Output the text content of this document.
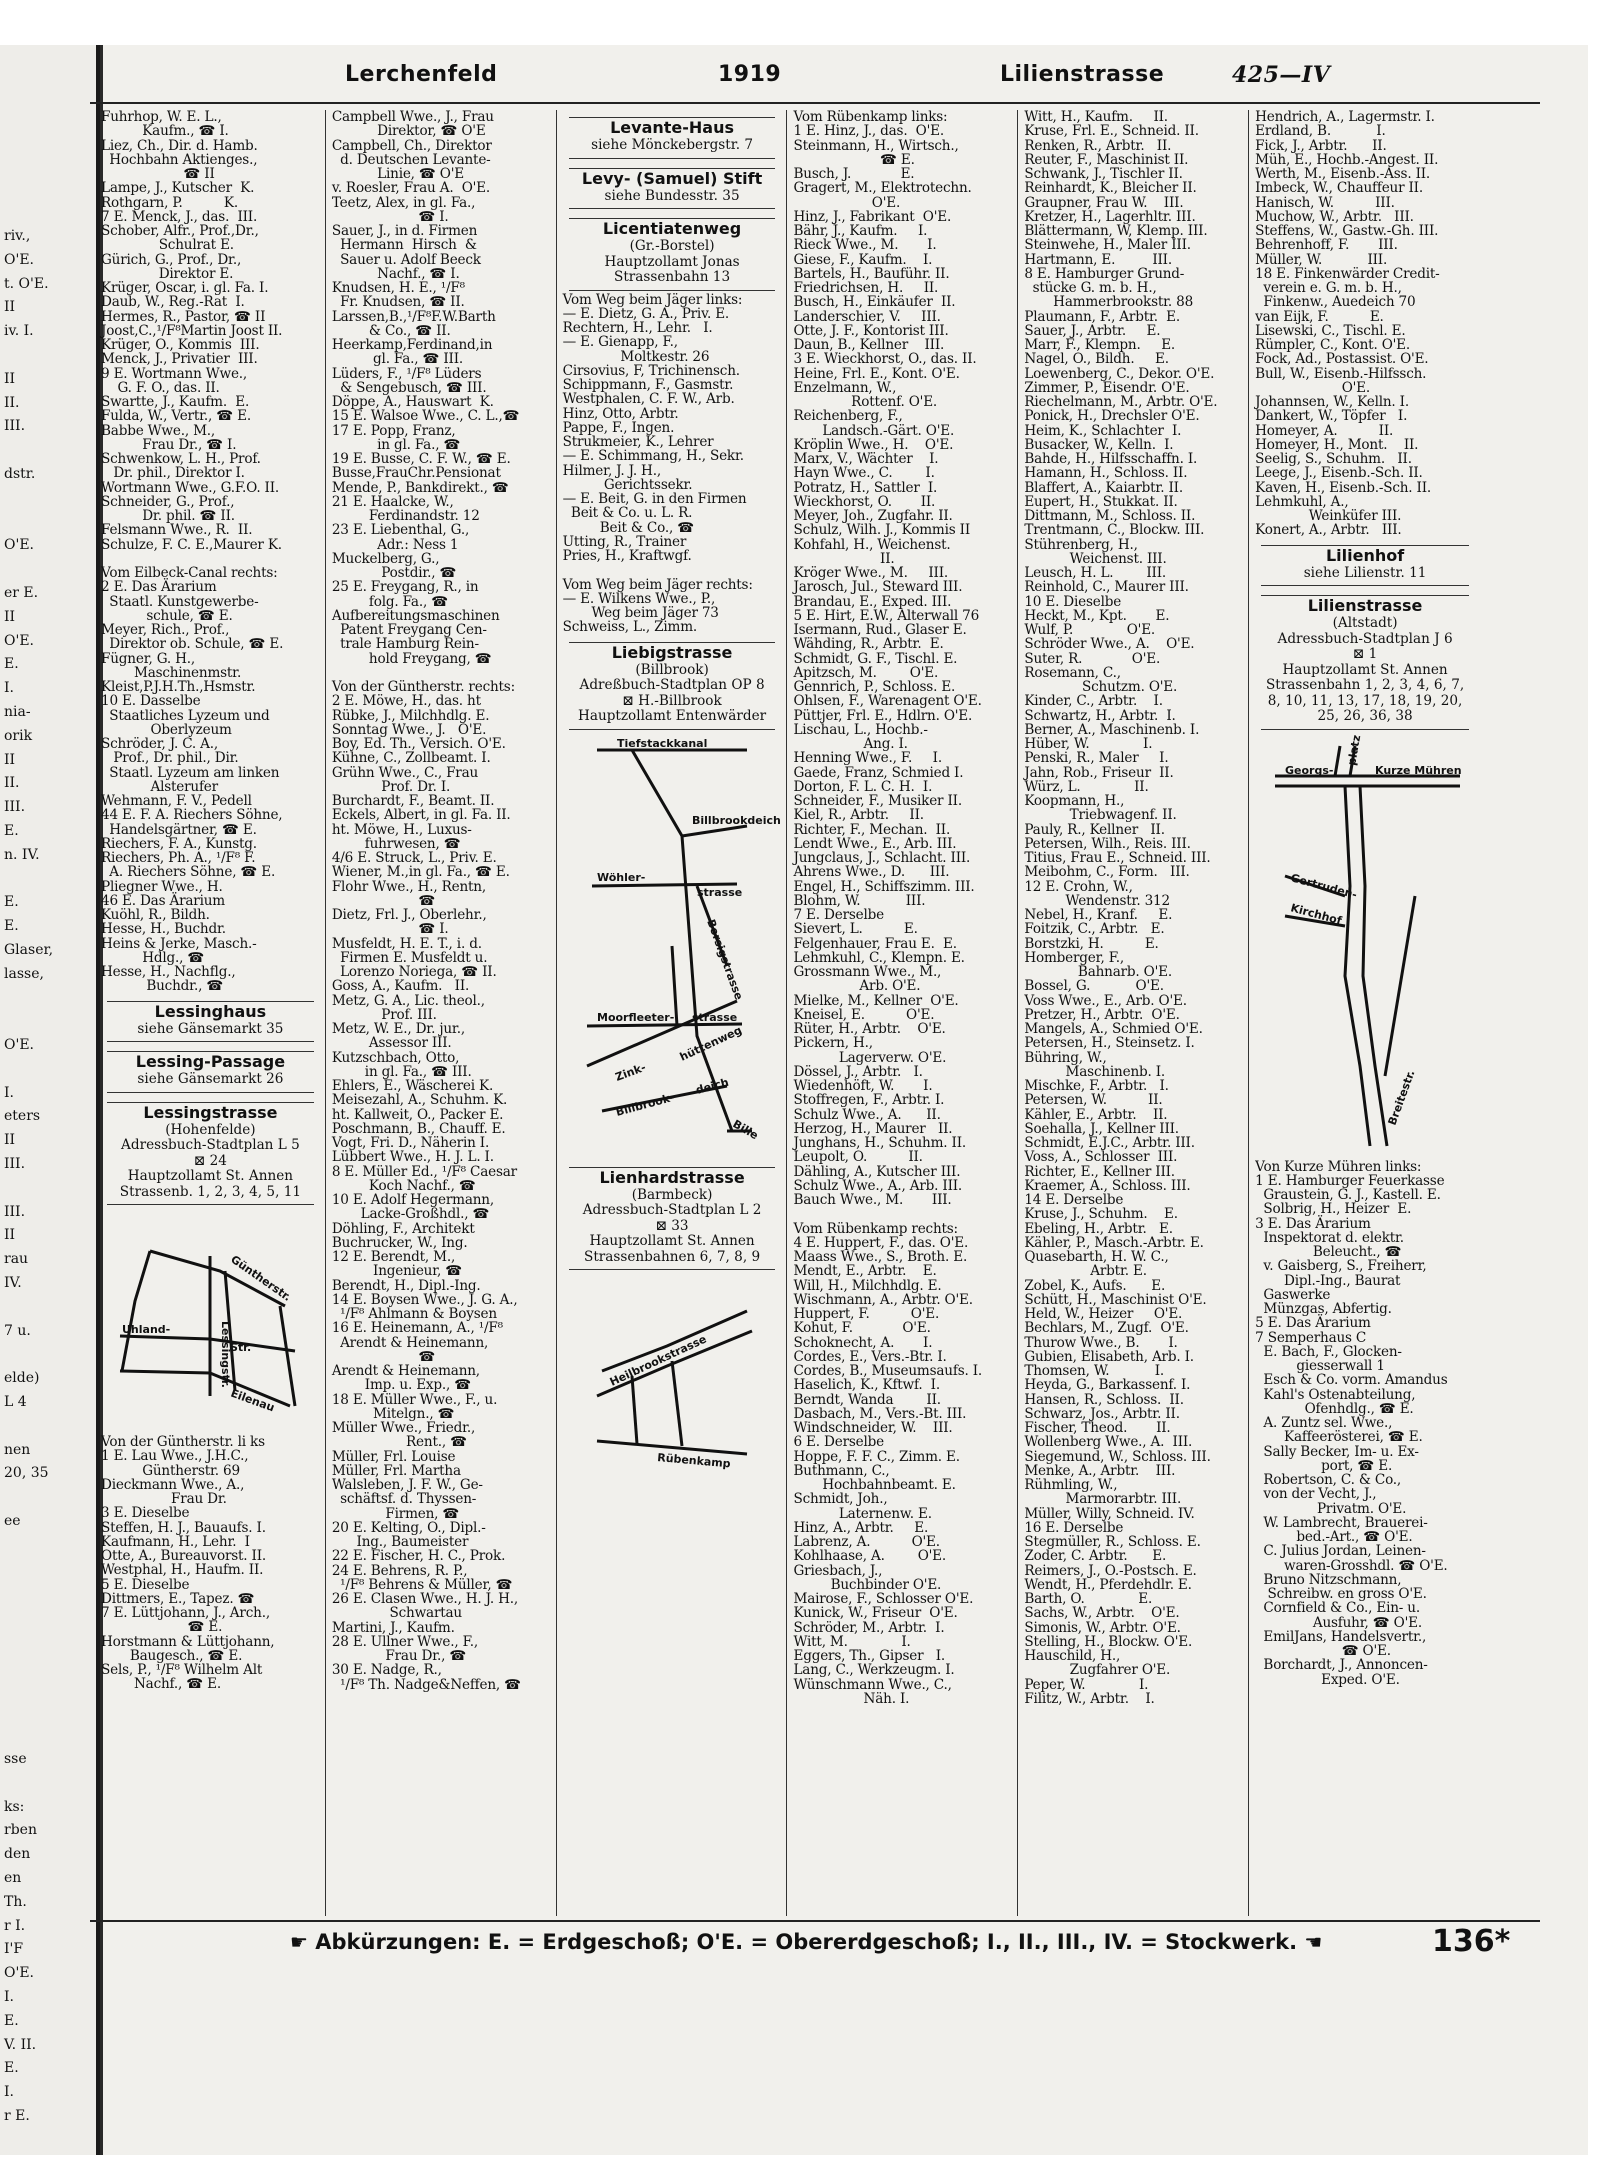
riv.,
O'E.
t. O'E.
II
iv. I.
II
II.
III.
dstr.
O'E.
er E.
II
O'E.
E.
I.
nia-
orik
II
II.
III.
E.
n. IV.
E.
E.
Glaser,
lasse,
O'E.
I.
eters
II
III.
III.
II
rau
IV.
7 u.
elde)
L 4
nen
20, 35
ee
sse
ks:
rben
den
en
Th.
r I.
I'F
O'E.
I.
E.
V. II.
E.
I.
r E.
Lerchenfeld	1919	Lilienstrasse	425—IV
Fuhrhop, W. E. L.,
Kaufm., ☎ I.
Liez, Ch., Dir. d. Hamb.
Hochbahn Aktienges.,
☎ II
Lampe, J., Kutscher  K.
Rothgarn, P.          K.
7 E. Menck, J., das.  III.
Schober, Alfr., Prof.,Dr.,
Schulrat E.
Gürich, G., Prof., Dr.,
Direktor E.
Krüger, Oscar, i. gl. Fa. I.
Daub, W., Reg.-Rat  I.
Hermes, R., Pastor, ☎ II
Joost,C.,¹/F⁸Martin Joost II.
Krüger, O., Kommis  III.
Menck, J., Privatier  III.
9 E. Wortmann Wwe.,
G. F. O., das. II.
Swartte, J., Kaufm.  E.
Fulda, W., Vertr., ☎ E.
Babbe Wwe., M.,
Frau Dr., ☎ I.
Schwenkow, L. H., Prof.
Dr. phil., Direktor I.
Wortmann Wwe., G.F.O. II.
Schneider, G., Prof.,
Dr. phil. ☎ II.
Felsmann Wwe., R.  II.
Schulze, F. C. E.,Maurer K.

Vom Eilbeck-Canal rechts:
2 E. Das Ärarium
Staatl. Kunstgewerbe-
schule, ☎ E.
Meyer, Rich., Prof.,
Direktor ob. Schule, ☎ E.
Fügner, G. H.,
Maschinenmstr.
Kleist,P.J.H.Th.,Hsmstr.
10 E. Dasselbe
Staatliches Lyzeum und
Oberlyzeum
Schröder, J. C. A.,
Prof., Dr. phil., Dir.
Staatl. Lyzeum am linken
Alsterufer
Wehmann, F. V., Pedell
44 E. F. A. Riechers Söhne,
Handelsgärtner, ☎ E.
Riechers, F. A., Kunstg.
Riechers, Ph. A., ¹/F⁸ F.
A. Riechers Söhne, ☎ E.
Pliegner Wwe., H.
46 E. Das Ärarium
Kuöhl, R., Bildh.
Hesse, H., Buchdr.
Heins & Jerke, Masch.-
Hdlg., ☎
Hesse, H., Nachflg.,
Buchdr., ☎
Lessinghaus
siehe Gänsemarkt 35
Lessing-Passage
siehe Gänsemarkt 26
Lessingstrasse
(Hohenfelde)
Adressbuch-Stadtplan L 5
⊠ 24
Hauptzollamt St. Annen
Strassenb. 1, 2, 3, 4, 5, 11
Güntherstr.
Uhland-
Str.
Eilenau
Lessingstr.
Von der Güntherstr. li ks
1 E. Lau Wwe., J.H.C.,
Güntherstr. 69
Dieckmann Wwe., A.,
Frau Dr.
3 E. Dieselbe
Steffen, H. J., Bauaufs. I.
Kaufmann, H., Lehr.  I
Otte, A., Bureauvorst. II.
Westphal, H., Haufm. II.
5 E. Dieselbe
Dittmers, E., Tapez. ☎
7 E. Lüttjohann, J., Arch.,
☎ E.
Horstmann & Lüttjohann,
Baugesch., ☎ E.
Sels, P., ¹/F⁸ Wilhelm Alt
Nachf., ☎ E.
Campbell Wwe., J., Frau
Direktor, ☎ O'E
Campbell, Ch., Direktor
d. Deutschen Levante-
Linie, ☎ O'E
v. Roesler, Frau A.  O'E.
Teetz, Alex, in gl. Fa.,
☎ I.
Sauer, J., in d. Firmen
Hermann  Hirsch  &
Sauer u. Adolf Beeck
Nachf., ☎ I.
Knudsen, H. E., ¹/F⁸
Fr. Knudsen, ☎ II.
Larssen,B.,¹/F⁸F.W.Barth
& Co., ☎ II.
Heerkamp,Ferdinand,in
gl. Fa., ☎ III.
Lüders, F., ¹/F⁸ Lüders
& Sengebusch, ☎ III.
Döppe, A., Hauswart  K.
15 E. Walsoe Wwe., C. L.,☎
17 E. Popp, Franz,
in gl. Fa., ☎
19 E. Busse, C. F. W., ☎ E.
Busse,FrauChr.Pensionat
Mende, P., Bankdirekt., ☎
21 E. Haalcke, W.,
Ferdinandstr. 12
23 E. Liebenthal, G.,
Adr.: Ness 1
Muckelberg, G.,
Postdir., ☎
25 E. Freygang, R., in
folg. Fa., ☎
Aufbereitungsmaschinen
Patent Freygang Cen-
trale Hamburg Rein-
hold Freygang, ☎

Von der Güntherstr. rechts:
2 E. Möwe, H., das. ht
Rübke, J., Milchhdlg. E.
Sonntag Wwe., J.   O'E.
Boy, Ed. Th., Versich. O'E.
Kühne, C., Zollbeamt. I.
Grühn Wwe., C., Frau
Prof. Dr. I.
Burchardt, F., Beamt. II.
Eckels, Albert, in gl. Fa. II.
ht. Möwe, H., Luxus-
fuhrwesen, ☎
4/6 E. Struck, L., Priv. E.
Wiener, M.,in gl. Fa., ☎ E.
Flohr Wwe., H., Rentn,
☎
Dietz, Frl. J., Oberlehr.,
☎ I.
Musfeldt, H. E. T., i. d.
Firmen E. Musfeldt u.
Lorenzo Noriega, ☎ II.
Goss, A., Kaufm.   II.
Metz, G. A., Lic. theol.,
Prof. III.
Metz, W. E., Dr. jur.,
Assessor III.
Kutzschbach, Otto,
in gl. Fa., ☎ III.
Ehlers, E., Wäscherei K.
Meisezahl, A., Schuhm. K.
ht. Kallweit, O., Packer E.
Poschmann, B., Chauff. E.
Vogt, Fri. D., Näherin I.
Lübbert Wwe., H. J. L. I.
8 E. Müller Ed., ¹/F⁸ Caesar
Koch Nachf., ☎
10 E. Adolf Hegermann,
Lacke-Großhdl., ☎
Döhling, F., Architekt
Buchrucker, W., Ing.
12 E. Berendt, M.,
Ingenieur, ☎
Berendt, H., Dipl.-Ing.
14 E. Boysen Wwe., J. G. A.,
¹/F⁸ Ahlmann & Boysen
16 E. Heinemann, A., ¹/F⁸
Arendt & Heinemann,
☎
Arendt & Heinemann,
Imp. u. Exp., ☎
18 E. Müller Wwe., F., u.
Mitelgn., ☎
Müller Wwe., Friedr.,
Rent., ☎
Müller, Frl. Louise
Müller, Frl. Martha
Walsleben, J. F. W., Ge-
schäftsf. d. Thyssen-
Firmen, ☎
20 E. Kelting, O., Dipl.-
Ing., Baumeister
22 E. Fischer, H. C., Prok.
24 E. Behrens, R. P.,
¹/F⁸ Behrens & Müller, ☎
26 E. Clasen Wwe., H. J. H.,
Schwartau
Martini, J., Kaufm.
28 E. Ullner Wwe., F.,
Frau Dr., ☎
30 E. Nadge, R.,
¹/F⁸ Th. Nadge&Neffen, ☎
Levante-Haus
siehe Mönckebergstr. 7
Levy- (Samuel) Stift
siehe Bundesstr. 35
Licentiatenweg
(Gr.-Borstel)
Hauptzollamt Jonas
Strassenbahn 13
Vom Weg beim Jäger links:
— E. Dietz, G. A., Priv. E.
Rechtern, H., Lehr.   I.
— E. Gienapp, F.,
Moltkestr. 26
Cirsovius, F, Trichinensch.
Schippmann, F., Gasmstr.
Westphalen, C. F. W., Arb.
Hinz, Otto, Arbtr.
Pappe, F., Ingen.
Strukmeier, K., Lehrer
— E. Schimmang, H., Sekr.
Hilmer, J. J. H.,
Gerichtssekr.
— E. Beit, G. in den Firmen
Beit & Co. u. L. R.
Beit & Co., ☎
Utting, R., Trainer
Pries, H., Kraftwgf.

Vom Weg beim Jäger rechts:
— E. Wilkens Wwe., P.,
Weg beim Jäger 73
Schweiss, L., Zimm.
Liebigstrasse
(Billbrook)
Adreßbuch-Stadtplan OP 8
⊠ H.-Billbrook
Hauptzollamt Entenwärder
Tiefstackkanal
Billbrookdeich
Wöhler-
strasse
Borsigstrasse
Moorfleeter- strasse
Zink-
hüttenweg
Billbrook-
deich
Bille
Lienhardstrasse
(Barmbeck)
Adressbuch-Stadtplan L 2
⊠ 33
Hauptzollamt St. Annen
Strassenbahnen 6, 7, 8, 9
Heilbrookstrasse
Rübenkamp
Vom Rübenkamp links:
1 E. Hinz, J., das.  O'E.
Steinmann, H., Wirtsch.,
☎ E.
Busch, J.            E.
Gragert, M., Elektrotechn.
O'E.
Hinz, J., Fabrikant  O'E.
Bähr, J., Kaufm.     I.
Rieck Wwe., M.       I.
Giese, F., Kaufm.    I.
Bartels, H., Bauführ. II.
Friedrichsen, H.     II.
Busch, H., Einkäufer  II.
Landerschier, V.     III.
Otte, J. F., Kontorist III.
Daun, B., Kellner    III.
3 E. Wieckhorst, O., das. II.
Heine, Frl. E., Kont. O'E.
Enzelmann, W.,
Rottenf. O'E.
Reichenberg, F.,
Landsch.-Gärt. O'E.
Kröplin Wwe., H.    O'E.
Marx, V., Wächter    I.
Hayn Wwe., C.        I.
Potratz, H., Sattler  I.
Wieckhorst, O.       II.
Meyer, Joh., Zugfahr. II.
Schulz, Wilh. J., Kommis II
Kohfahl, H., Weichenst.
II.
Kröger Wwe., M.     III.
Jarosch, Jul., Steward III.
Brandau, E., Exped. III.
5 E. Hirt, E.W., Alterwall 76
Isermann, Rud., Glaser E.
Wähding, R., Arbtr.  E.
Schmidt, G. F., Tischl. E.
Apitzsch, M.        O'E.
Gennrich, P., Schloss. E.
Ohlsen, F., Warenagent O'E.
Püttjer, Frl. E., Hdlrn. O'E.
Lischau, L., Hochb.-
Ang. I.
Henning Wwe., F.     I.
Gaede, Franz, Schmied I.
Dorton, F. L. C. H.  I.
Schneider, F., Musiker II.
Kiel, R., Arbtr.     II.
Richter, F., Mechan.  II.
Lendt Wwe., E., Arb. III.
Jungclaus, J., Schlacht. III.
Ahrens Wwe., D.      III.
Engel, H., Schiffszimm. III.
Blohm, W.           III.
7 E. Derselbe
Sievert, L.          E.
Felgenhauer, Frau E.  E.
Lehmkuhl, C., Klempn. E.
Grossmann Wwe., M.,
Arb. O'E.
Mielke, M., Kellner  O'E.
Kneisel, E.          O'E.
Rüter, H., Arbtr.    O'E.
Pickern, H.,
Lagerverw. O'E.
Dössel, J., Arbtr.   I.
Wiedenhöft, W.       I.
Stoffregen, F., Arbtr. I.
Schulz Wwe., A.      II.
Herzog, H., Maurer   II.
Junghans, H., Schuhm. II.
Leupolt, O.          II.
Dähling, A., Kutscher III.
Schulz Wwe., A., Arb. III.
Bauch Wwe., M.       III.

Vom Rübenkamp rechts:
4 E. Huppert, F., das. O'E.
Maass Wwe., S., Broth. E.
Mendt, E., Arbtr.    E.
Will, H., Milchhdlg. E.
Wischmann, A., Arbtr. O'E.
Huppert, F.          O'E.
Kohut, F.            O'E.
Schoknecht, A.       I.
Cordes, E., Vers.-Btr. I.
Cordes, B., Museumsaufs. I.
Haselich, K., Kftwf.  I.
Berndt, Wanda        II.
Dasbach, M., Vers.-Bt. III.
Windschneider, W.    III.
6 E. Derselbe
Hoppe, F. F. C., Zimm. E.
Buthmann, C.,
Hochbahnbeamt. E.
Schmidt, Joh.,
Laternenw. E.
Hinz, A., Arbtr.     E.
Labrenz, A.          O'E.
Kohlhaase, A.        O'E.
Griesbach, J.,
Buchbinder O'E.
Mairose, F., Schlosser O'E.
Kunick, W., Friseur  O'E.
Schröder, M., Arbtr.  I.
Witt, M.             I.
Eggers, Th., Gipser   I.
Lang, C., Werkzeugm. I.
Wünschmann Wwe., C.,
Näh. I.
Witt, H., Kaufm.     II.
Kruse, Frl. E., Schneid. II.
Renken, R., Arbtr.   II.
Reuter, F., Maschinist II.
Schwank, J., Tischler II.
Reinhardt, K., Bleicher II.
Graupner, Frau W.    III.
Kretzer, H., Lagerhltr. III.
Blättermann, W, Klemp. III.
Steinwehe, H., Maler III.
Hartmann, E.         III.
8 E. Hamburger Grund-
stücke G. m. b. H.,
Hammerbrookstr. 88
Plaumann, F., Arbtr.  E.
Sauer, J., Arbtr.     E.
Marr, F., Klempn.     E.
Nagel, O., Bildh.     E.
Loewenberg, C., Dekor. O'E.
Zimmer, P., Eisendr. O'E.
Riechelmann, M., Arbtr. O'E.
Ponick, H., Drechsler O'E.
Heim, K., Schlachter  I.
Busacker, W., Kelln.  I.
Bahde, H., Hilfsschaffn. I.
Hamann, H., Schloss. II.
Blaffert, A., Kaiarbtr. II.
Eupert, H., Stukkat. II.
Dittmann, M., Schloss. II.
Trentmann, C., Blockw. III.
Stührenberg, H.,
Weichenst. III.
Leusch, H. L.        III.
Reinhold, C., Maurer III.
10 E. Dieselbe
Heckt, M., Kpt.       E.
Wulf, P.             O'E.
Schröder Wwe., A.    O'E.
Suter, R.            O'E.
Rosemann, C.,
Schutzm. O'E.
Kinder, C., Arbtr.    I.
Schwartz, H., Arbtr.  I.
Berner, A., Maschinenb. I.
Hüber, W.             I.
Penski, R., Maler     I.
Jahn, Rob., Friseur  II.
Würz, L.             II.
Koopmann, H.,
Triebwagenf. II.
Pauly, R., Kellner   II.
Petersen, Wilh., Reis. III.
Titius, Frau E., Schneid. III.
Meibohm, C., Form.   III.
12 E. Crohn, W.,
Wendenstr. 312
Nebel, H., Kranf.     E.
Foitzik, C., Arbtr.   E.
Borstzki, H.          E.
Homberger, F.,
Bahnarb. O'E.
Bossel, G.           O'E.
Voss Wwe., E., Arb. O'E.
Pretzer, H., Arbtr.  O'E.
Mangels, A., Schmied O'E.
Petersen, H., Steinsetz. I.
Bühring, W.,
Maschinenb. I.
Mischke, F., Arbtr.   I.
Petersen, W.          II.
Kähler, E., Arbtr.    II.
Soehalla, J., Kellner III.
Schmidt, E.J.C., Arbtr. III.
Voss, A., Schlosser  III.
Richter, E., Kellner III.
Kraemer, A., Schloss. III.
14 E. Derselbe
Kruse, J., Schuhm.    E.
Ebeling, H., Arbtr.   E.
Kähler, P., Masch.-Arbtr. E.
Quasebarth, H. W. C.,
Arbtr. E.
Zobel, K., Aufs.      E.
Schütt, H., Maschinist O'E.
Held, W., Heizer     O'E.
Bechlars, M., Zugf.  O'E.
Thurow Wwe., B.       I.
Gubien, Elisabeth, Arb. I.
Thomsen, W.           I.
Heyda, G., Barkassenf. I.
Hansen, R., Schloss.  II.
Schwarz, Jos., Arbtr. II.
Fischer, Theod.       II.
Wollenberg Wwe., A.  III.
Siegemund, W., Schloss. III.
Menke, A., Arbtr.    III.
Rühmling, W.,
Marmorarbtr. III.
Müller, Willy, Schneid. IV.
16 E. Derselbe
Stegmüller, R., Schloss. E.
Zoder, C. Arbtr.      E.
Reimers, J., O.-Postsch. E.
Wendt, H., Pferdehdlr. E.
Barth, O.             E.
Sachs, W., Arbtr.    O'E.
Simonis, W., Arbtr. O'E.
Stelling, H., Blockw. O'E.
Hauschild, H.,
Zugfahrer O'E.
Peper, W.             I.
Filitz, W., Arbtr.    I.
Hendrich, A., Lagermstr. I.
Erdland, B.           I.
Fick, J., Arbtr.      II.
Müh, E., Hochb.-Angest. II.
Werth, M., Eisenb.-Ass. II.
Imbeck, W., Chauffeur II.
Hanisch, W.          III.
Muchow, W., Arbtr.   III.
Steffens, W., Gastw.-Gh. III.
Behrenhoff, F.       III.
Müller, W.           III.
18 E. Finkenwärder Credit-
verein e. G. m. b. H.,
Finkenw., Auedeich 70
van Eijk, F.          E.
Lisewski, C., Tischl. E.
Rümpler, C., Kont. O'E.
Fock, Ad., Postassist. O'E.
Bull, W., Eisenb.-Hilfssch.
O'E.
Johannsen, W., Kelln. I.
Dankert, W., Töpfer   I.
Homeyer, A.          II.
Homeyer, H., Mont.    II.
Seelig, S., Schuhm.   II.
Leege, J., Eisenb.-Sch. II.
Kaven, H., Eisenb.-Sch. II.
Lehmkuhl, A.,
Weinküfer III.
Konert, A., Arbtr.   III.
Lilienhof
siehe Lilienstr. 11
Lilienstrasse
(Altstadt)
Adressbuch-Stadtplan J 6
⊠ 1
Hauptzollamt St. Annen
Strassenbahn 1, 2, 3, 4, 6, 7,
8, 10, 11, 13, 17, 18, 19, 20,
25, 26, 36, 38
platz
Georgs-	Kurze Mühren
Gertruden-
Kirchhof
Breitestr.
Von Kurze Mühren links:
1 E. Hamburger Feuerkasse
Graustein, G. J., Kastell. E.
Solbrig, H., Heizer  E.
3 E. Das Ärarium
Inspektorat d. elektr.
Beleucht., ☎
v. Gaisberg, S., Freiherr,
Dipl.-Ing., Baurat
Gaswerke
Münzgas, Abfertig.
5 E. Das Ärarium
7 Semperhaus C
E. Bach, F., Glocken-
giesserwall 1
Esch & Co. vorm. Amandus
Kahl's Ostenabteilung,
Ofenhdlg., ☎ E.
A. Zuntz sel. Wwe.,
Kaffeerösterei, ☎ E.
Sally Becker, Im- u. Ex-
port, ☎ E.
Robertson, C. & Co.,
von der Vecht, J.,
Privatm. O'E.
W. Lambrecht, Brauerei-
bed.-Art., ☎ O'E.
C. Julius Jordan, Leinen-
waren-Grosshdl. ☎ O'E.
Bruno Nitzschmann,
Schreibw. en gross O'E.
Cornfield & Co., Ein- u.
Ausfuhr, ☎ O'E.
EmilJans, Handelsvertr.,
☎ O'E.
Borchardt, J., Annoncen-
Exped. O'E.
☛ Abkürzungen: E. = Erdgeschoß; O'E. = Obererdgeschoß; I., II., III., IV. = Stockwerk. ☚	136*
